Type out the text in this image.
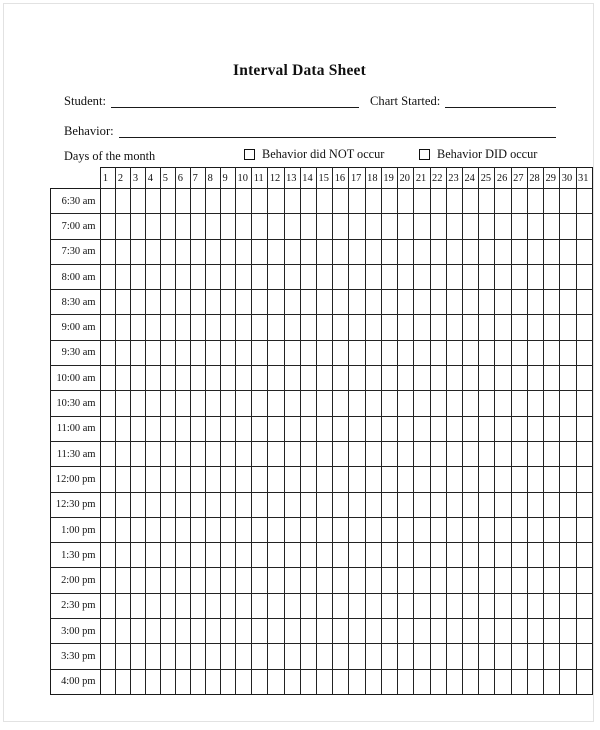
Interval Data Sheet
Student:	Chart Started:
Behavior:
Days of the month	Behavior did NOT occur	Behavior DID occur
	1	2	3	4	5	6	7	8	9	10	11	12	13	14	15	16	17	18	19	20	21	22	23	24	25	26	27	28	29	30	31
6:30 am																															
7:00 am																															
7:30 am																															
8:00 am																															
8:30 am																															
9:00 am																															
9:30 am																															
10:00 am																															
10:30 am																															
11:00 am																															
11:30 am																															
12:00 pm																															
12:30 pm																															
1:00 pm																															
1:30 pm																															
2:00 pm																															
2:30 pm																															
3:00 pm																															
3:30 pm																															
4:00 pm																															
